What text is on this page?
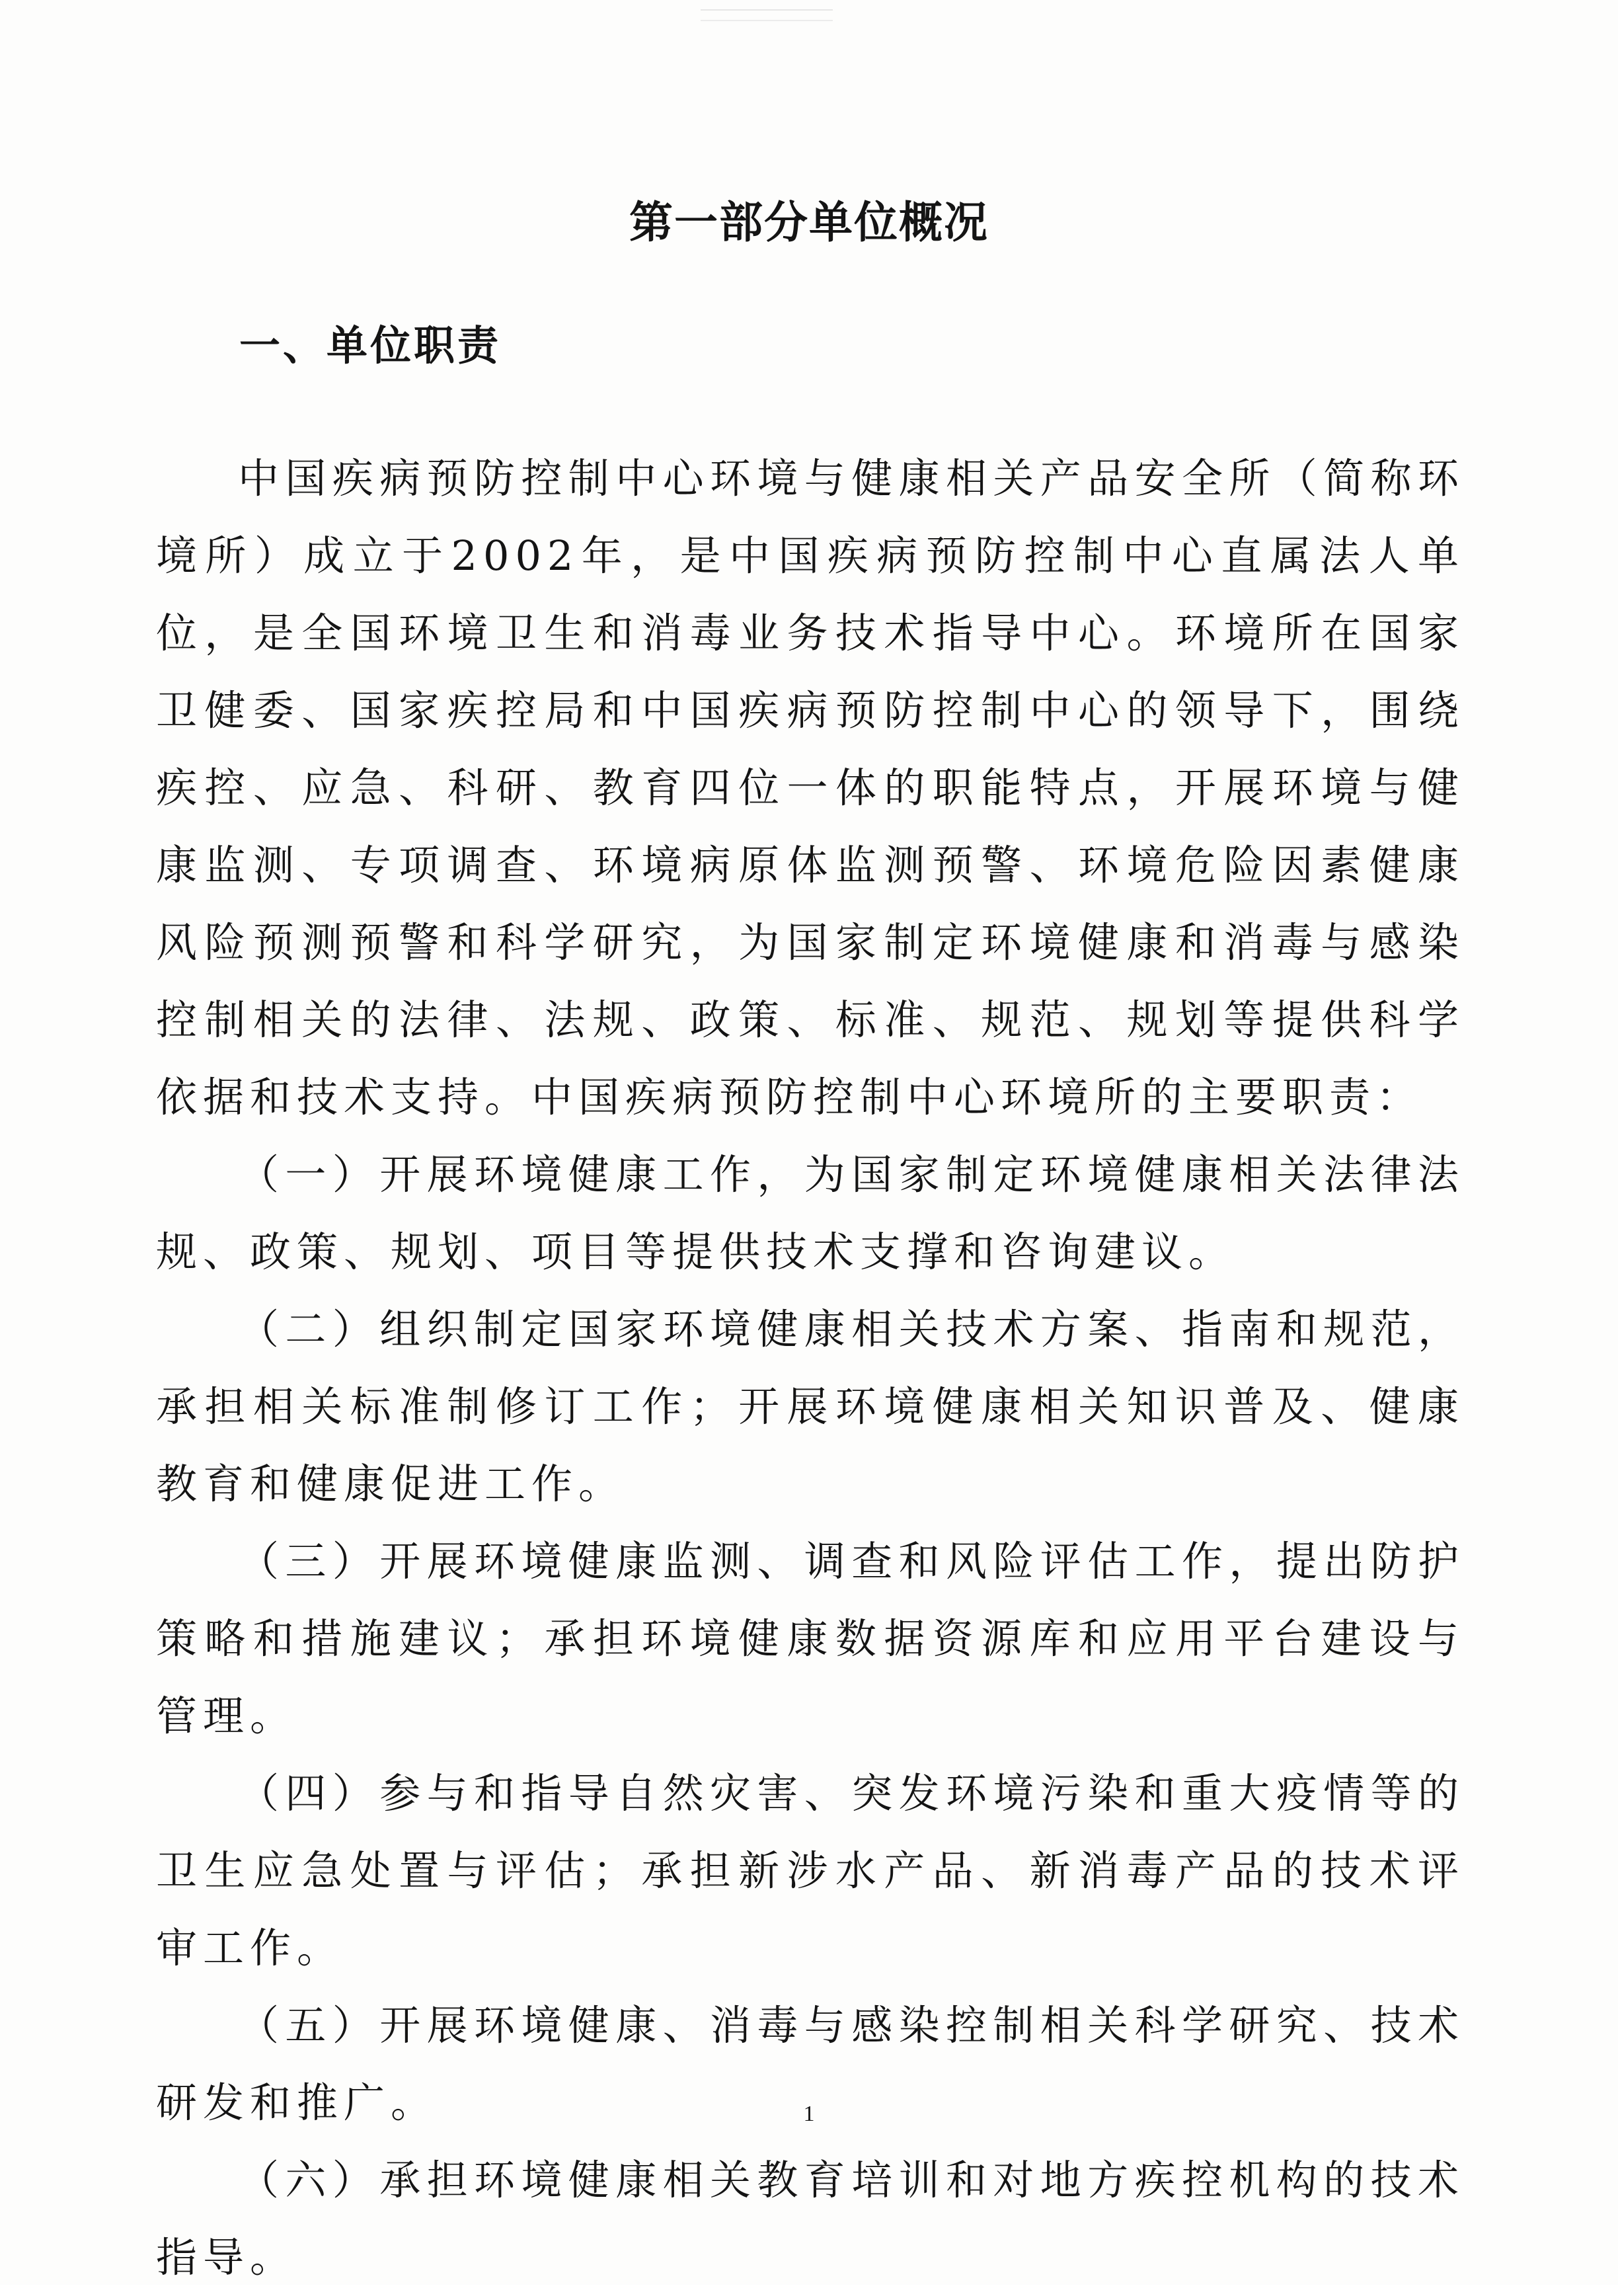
第一部分单位概况
一、单位职责

中国疾病预防控制中心环境与健康相关产品安全所（简称环境所）成立于2002年，是中国疾病预防控制中心直属法人单位，是全国环境卫生和消毒业务技术指导中心。环境所在国家卫健委、国家疾控局和中国疾病预防控制中心的领导下，围绕疾控、应急、科研、教育四位一体的职能特点，开展环境与健康监测、专项调查、环境病原体监测预警、环境危险因素健康风险预测预警和科学研究，为国家制定环境健康和消毒与感染控制相关的法律、法规、政策、标准、规范、规划等提供科学依据和技术支持。中国疾病预防控制中心环境所的主要职责：

（一）开展环境健康工作，为国家制定环境健康相关法律法规、政策、规划、项目等提供技术支撑和咨询建议。

（二）组织制定国家环境健康相关技术方案、指南和规范，承担相关标准制修订工作；开展环境健康相关知识普及、健康教育和健康促进工作。

（三）开展环境健康监测、调查和风险评估工作，提出防护策略和措施建议；承担环境健康数据资源库和应用平台建设与管理。

（四）参与和指导自然灾害、突发环境污染和重大疫情等的卫生应急处置与评估；承担新涉水产品、新消毒产品的技术评审工作。

（五）开展环境健康、消毒与感染控制相关科学研究、技术研发和推广。

（六）承担环境健康相关教育培训和对地方疾控机构的技术指导。

1
